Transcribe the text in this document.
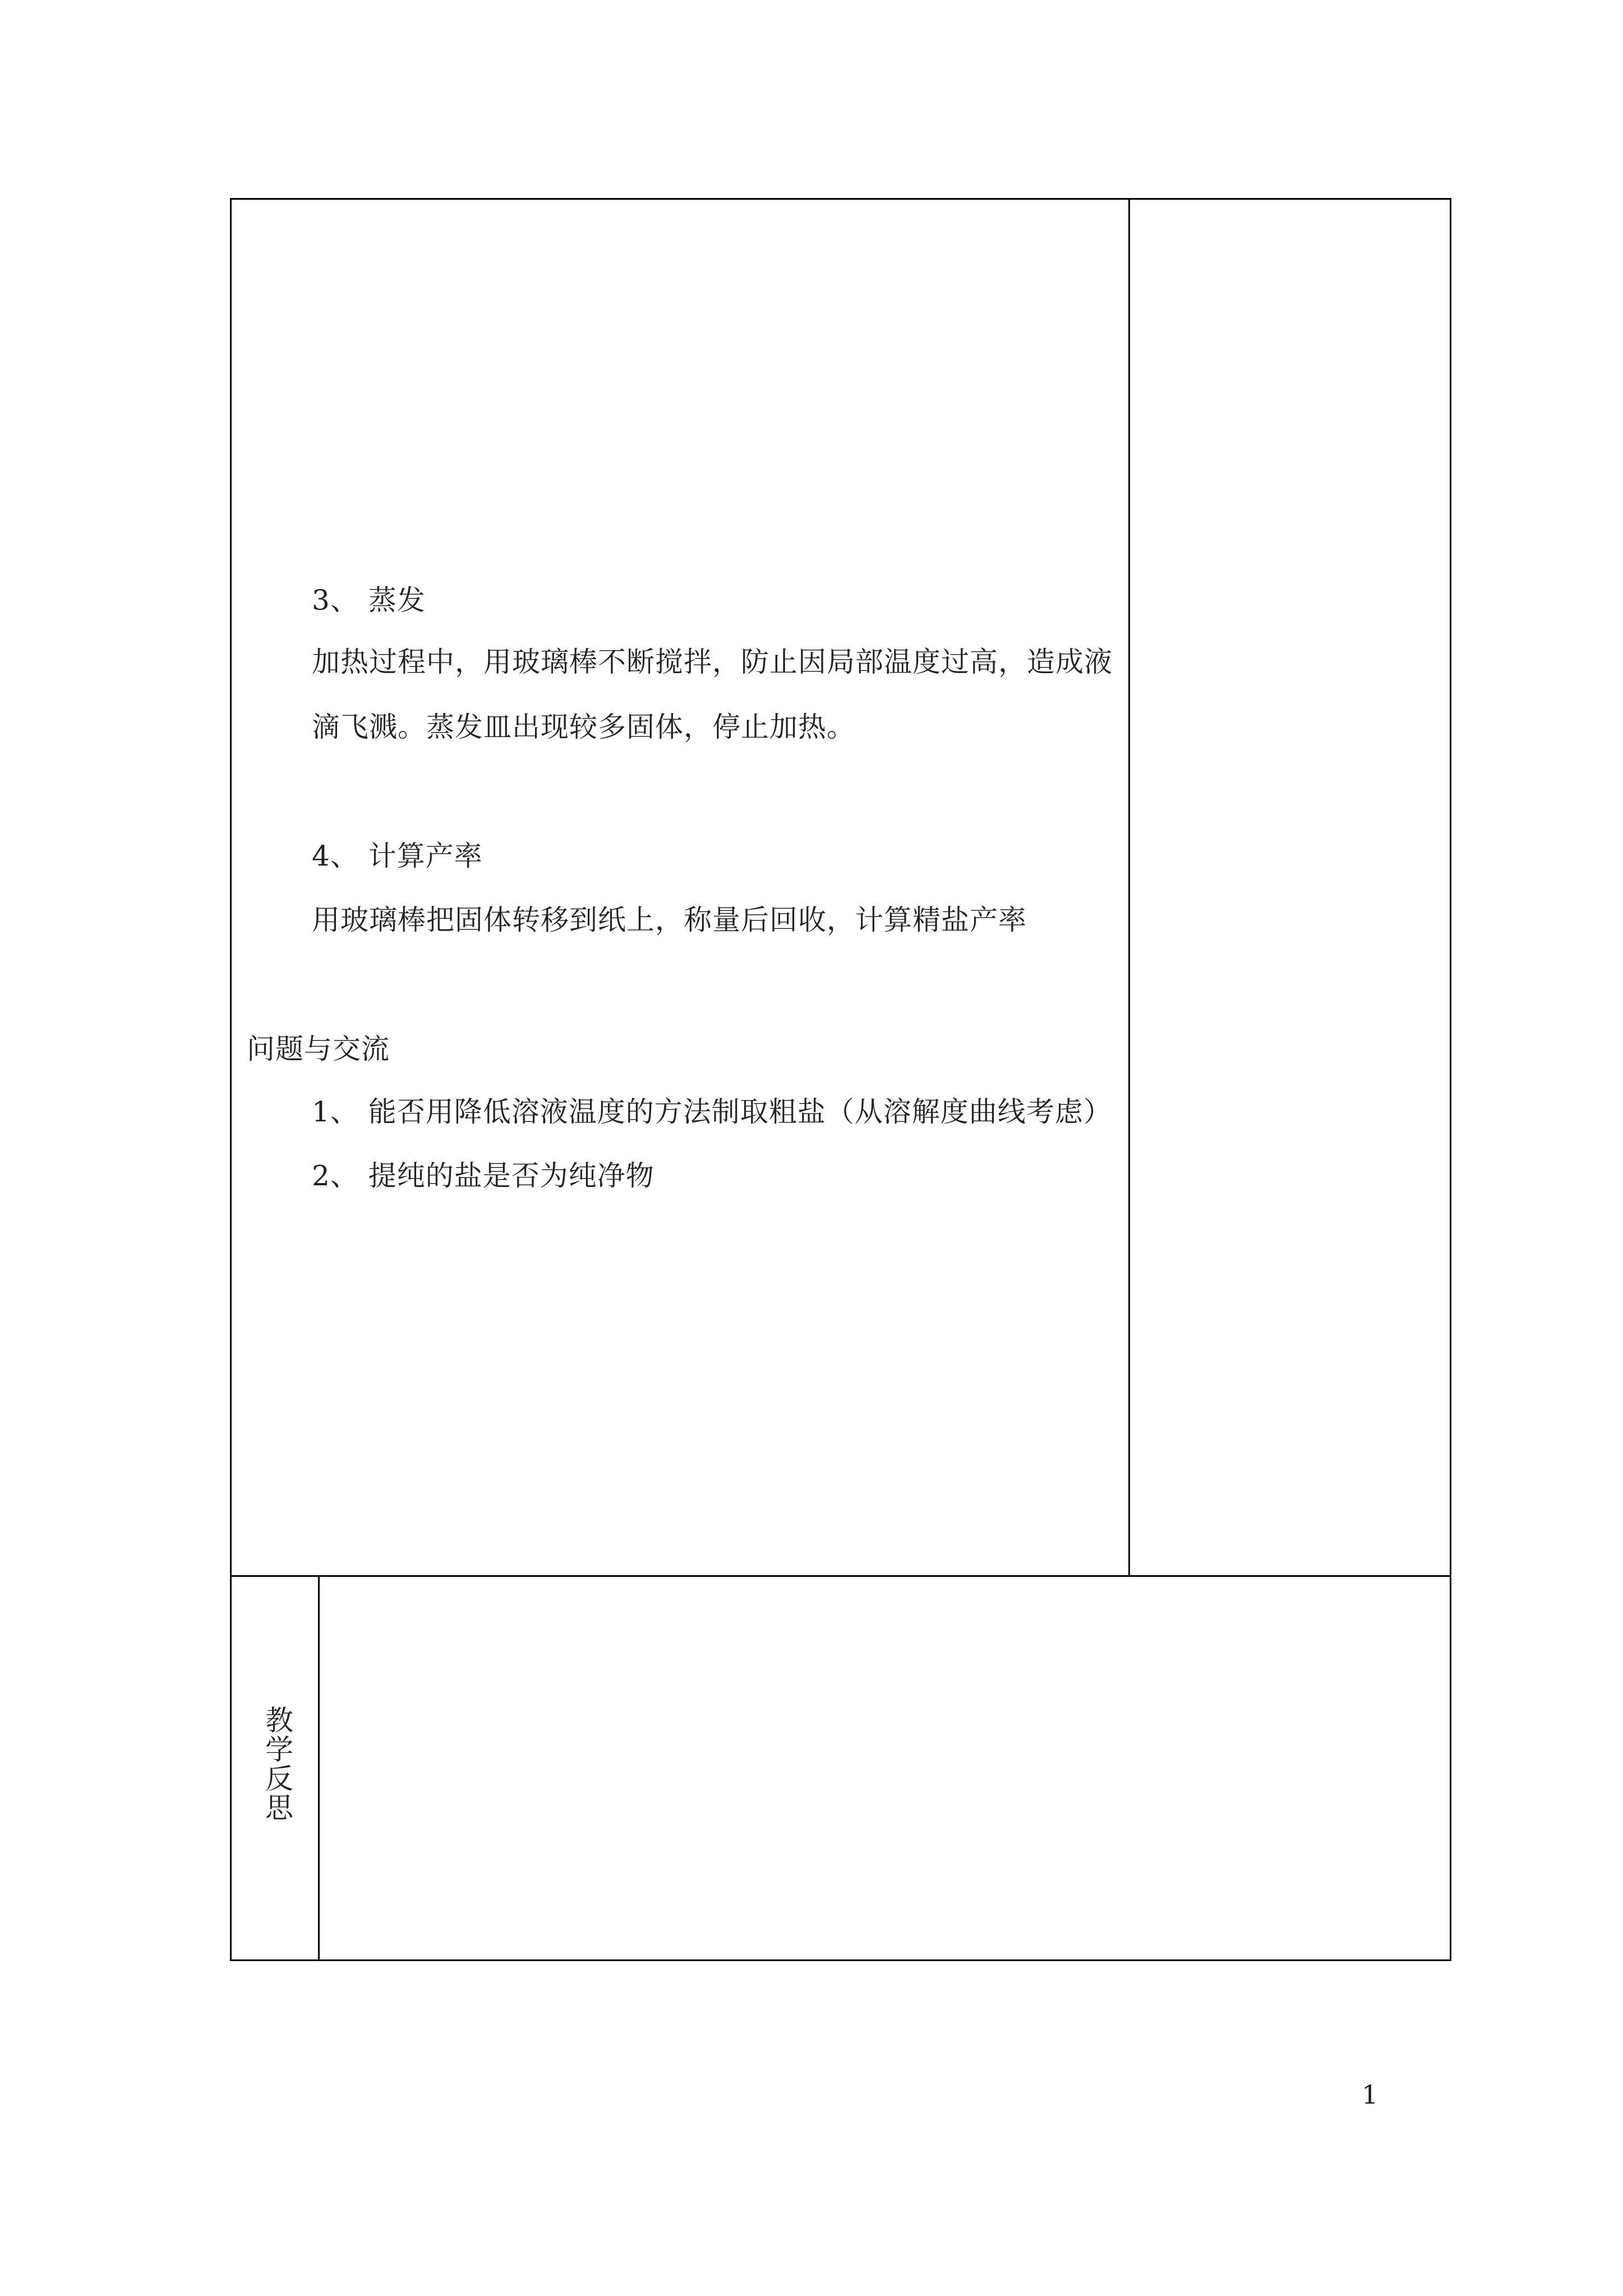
3、 蒸发
加热过程中，用玻璃棒不断搅拌，防止因局部温度过高，造成液
滴飞溅。蒸发皿出现较多固体，停止加热。
4、 计算产率
用玻璃棒把固体转移到纸上，称量后回收，计算精盐产率
问题与交流
1、 能否用降低溶液温度的方法制取粗盐（从溶解度曲线考虑）
2、 提纯的盐是否为纯净物
教学反思
1
